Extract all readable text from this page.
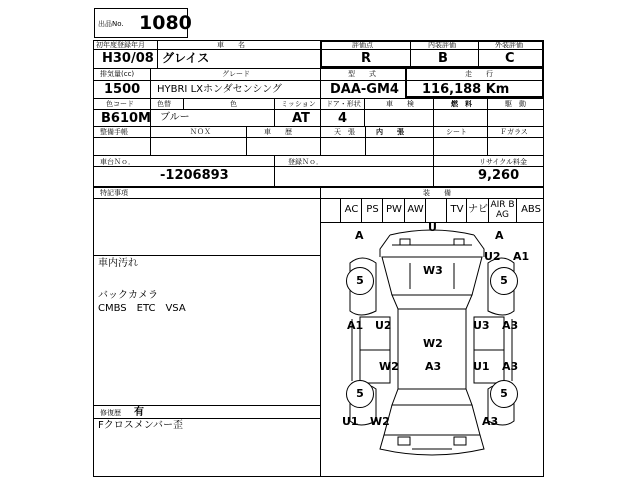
出品No. 1080
初年度登録年月
H30/08
車　　名
グレイス
評価点
R
内装評価
B
外装評価
C
排気量(cc)
1500
グレード
HYBRI LXホンダセンシング
型　　式
DAA-GM4
走　　行
116,188 Km
色コード
B610M
色替	色
ブルー
ミッション
AT
ドア・形状
4
車　　検	燃　料	駆　動
整備手帳	ＮＯＸ	車　　歴	天　張	内　　張	シート	Ｆガラス
車台Ｎｏ．
-1206893
登録Ｎｏ．	リサイクル料金
9,260
特記事項	装　　備
AC PS PW AW	TV ナビ AIR BAG	ABS
車内汚れ
バックカメラ
CMBS　ETC　VSA
修復歴 有
Fクロスメンバー歪
5	5
5	5
U
A	A
W3
U2 A1
A1 U2	U3 A3
W2
W2 A3	U1 A3
U1 W2	A3
